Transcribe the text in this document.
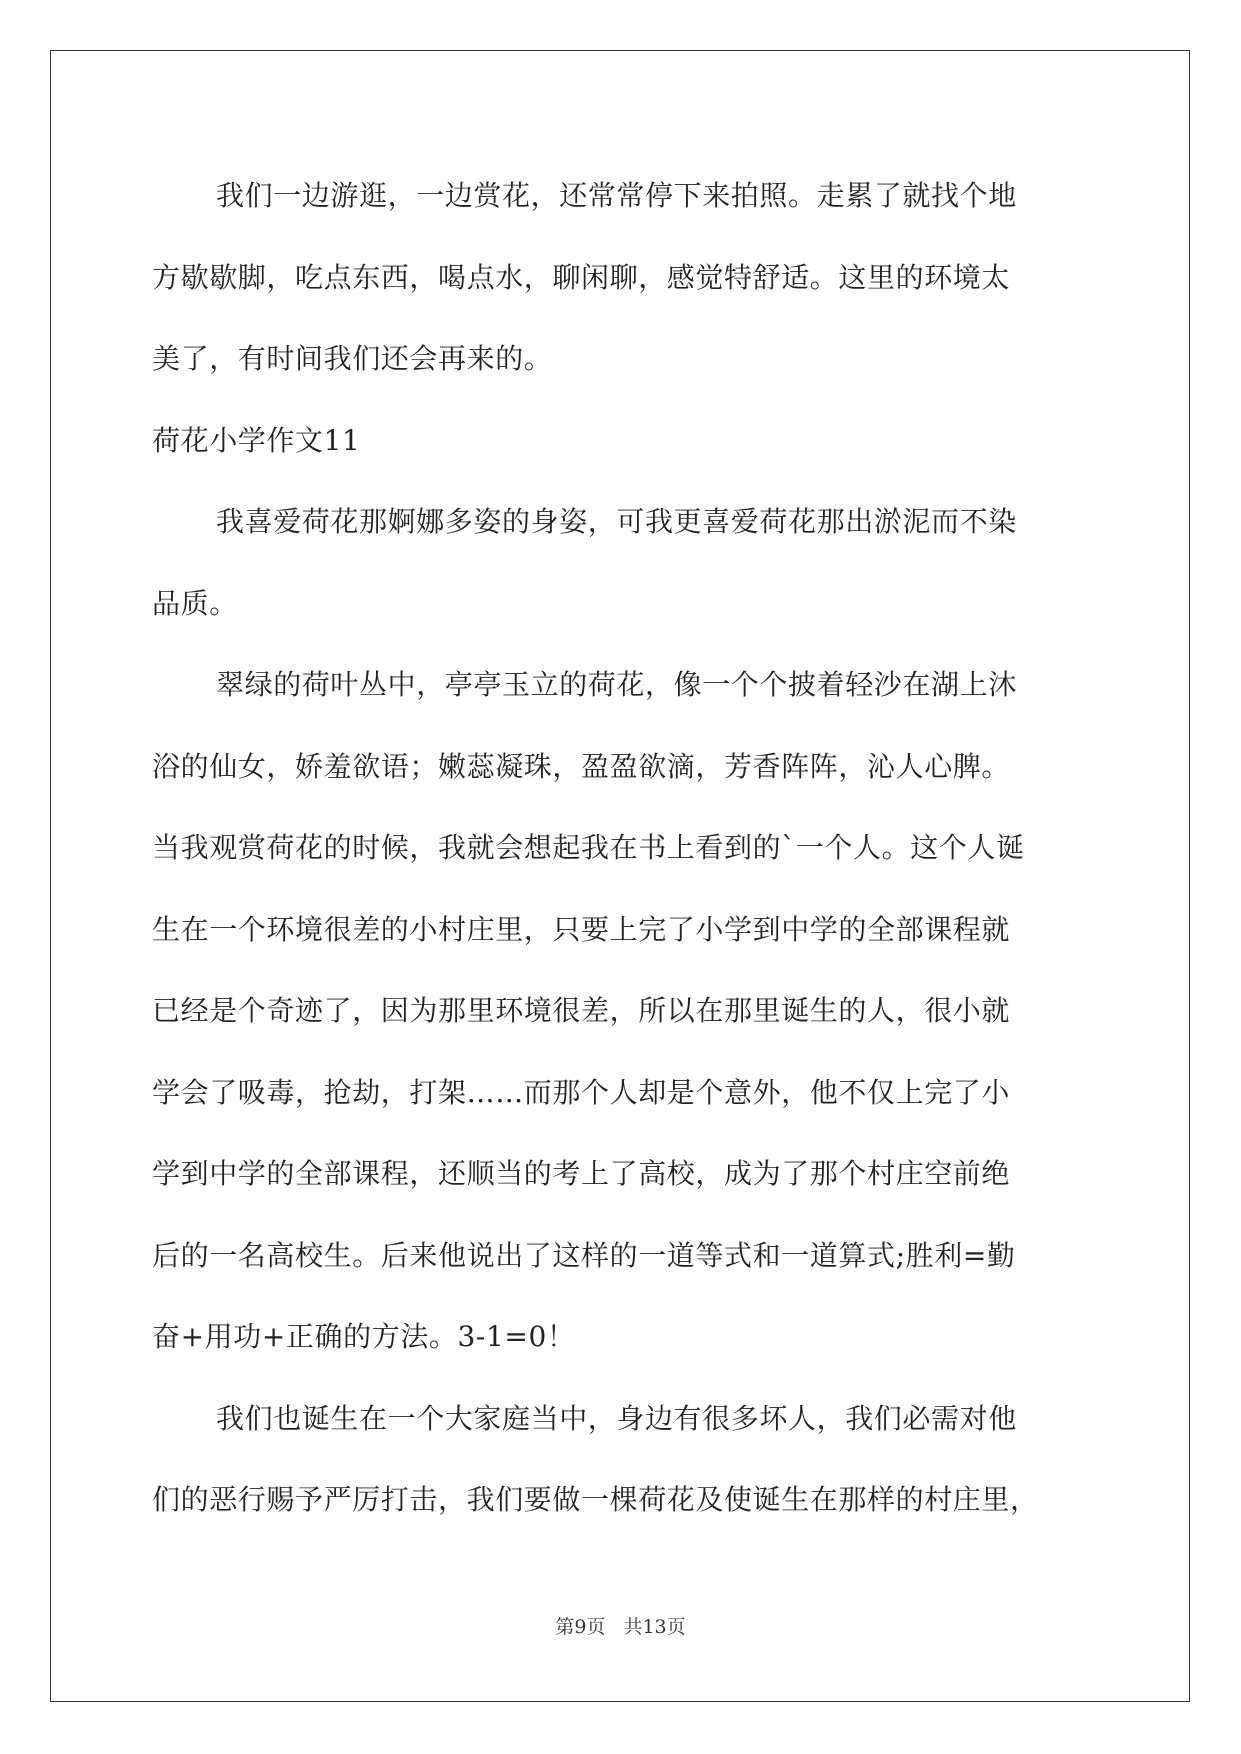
我们一边游逛，一边赏花，还常常停下来拍照。走累了就找个地
方歇歇脚，吃点东西，喝点水，聊闲聊，感觉特舒适。这里的环境太
美了，有时间我们还会再来的。
荷花小学作文11
我喜爱荷花那婀娜多姿的身姿，可我更喜爱荷花那出淤泥而不染
品质。
翠绿的荷叶丛中，亭亭玉立的荷花，像一个个披着轻沙在湖上沐
浴的仙女，娇羞欲语；嫩蕊凝珠，盈盈欲滴，芳香阵阵，沁人心脾。
当我观赏荷花的时候，我就会想起我在书上看到的`一个人。这个人诞
生在一个环境很差的小村庄里，只要上完了小学到中学的全部课程就
已经是个奇迹了，因为那里环境很差，所以在那里诞生的人，很小就
学会了吸毒，抢劫，打架……而那个人却是个意外，他不仅上完了小
学到中学的全部课程，还顺当的考上了高校，成为了那个村庄空前绝
后的一名高校生。后来他说出了这样的一道等式和一道算式;胜利=勤
奋+用功+正确的方法。3-1=0！
我们也诞生在一个大家庭当中，身边有很多坏人，我们必需对他
们的恶行赐予严厉打击，我们要做一棵荷花及使诞生在那样的村庄里，
第9页 共13页
